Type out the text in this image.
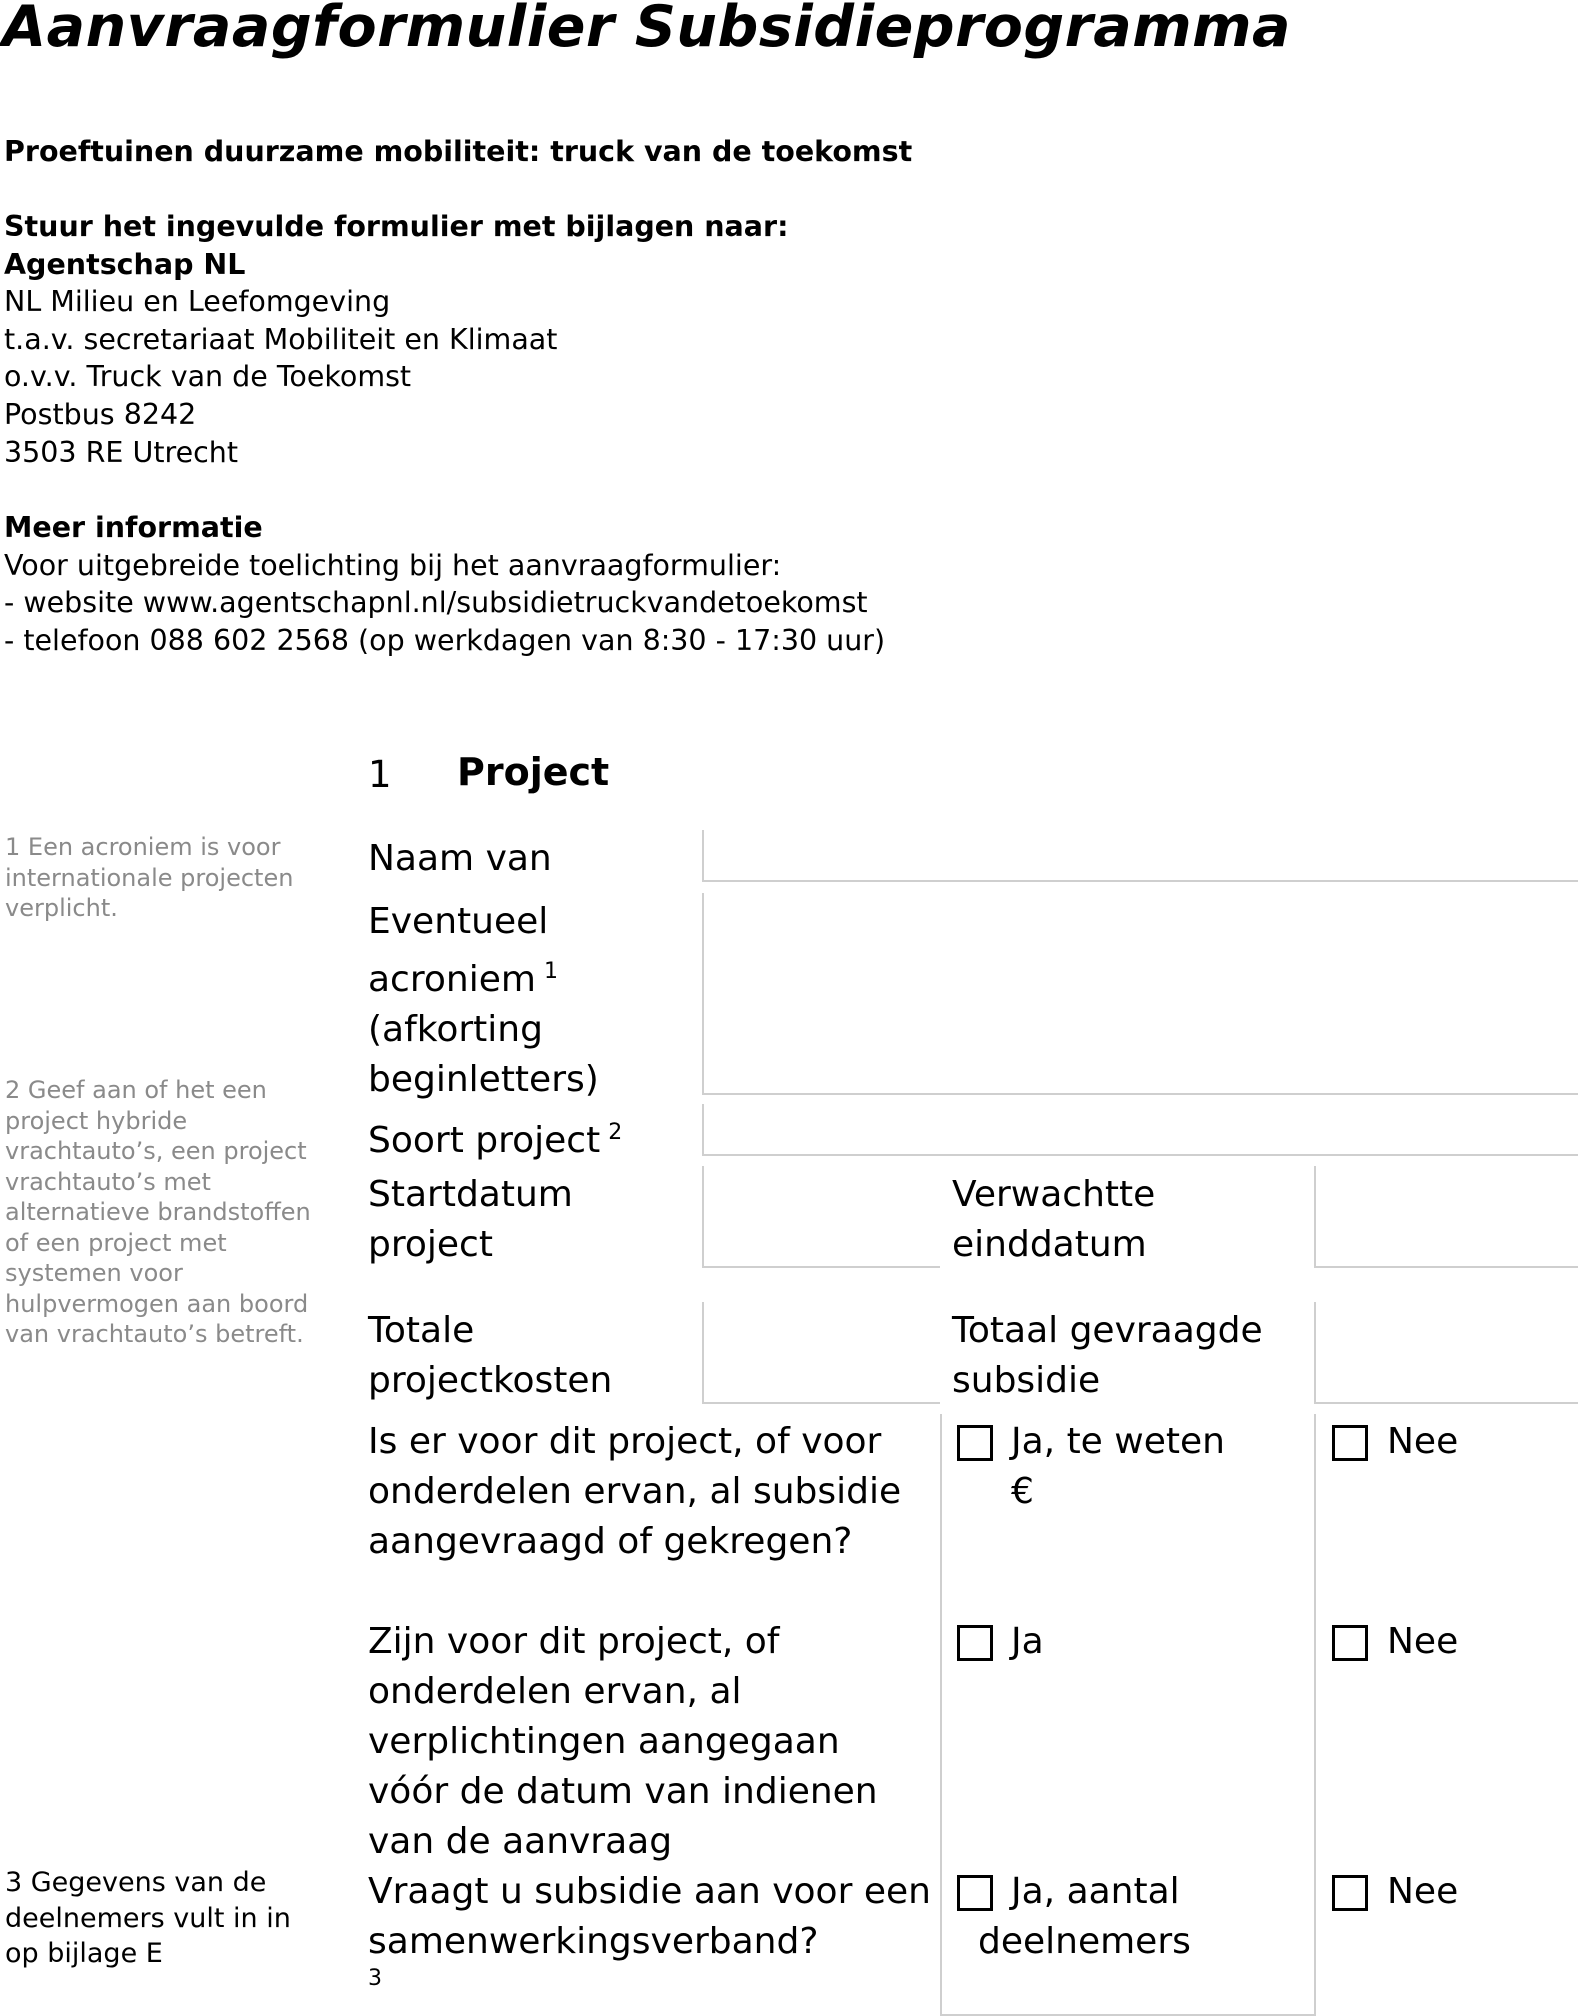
Aanvraagformulier Subsidieprogramma
Proeftuinen duurzame mobiliteit: truck van de toekomst
Stuur het ingevulde formulier met bijlagen naar:
Agentschap NL
NL Milieu en Leefomgeving
t.a.v. secretariaat Mobiliteit en Klimaat
o.v.v. Truck van de Toekomst
Postbus 8242
3503 RE Utrecht
Meer informatie
Voor uitgebreide toelichting bij het aanvraagformulier:
- website www.agentschapnl.nl/subsidietruckvandetoekomst
- telefoon 088 602 2568 (op werkdagen van 8:30 - 17:30 uur)
1 Project
1 Een acroniem is voor internationale projecten verplicht.
2 Geef aan of het een project hybride vrachtauto’s, een project vrachtauto’s met alternatieve brandstoffen of een project met systemen voor hulpvermogen aan boord van vrachtauto’s betreft.
3 Gegevens van de deelnemers vult in in op bijlage E
Naam van
Eventueel acroniem $^1$
(afkorting beginletters)
Soort project $^2$
Startdatum project
Verwachtte einddatum
Totale projectkosten
Totaal gevraagde subsidie
Is er voor dit project, of voor onderdelen ervan, al subsidie aangevraagd of gekregen?
Ja, te weten
€
Nee
Zijn voor dit project, of onderdelen ervan, al verplichtingen aangegaan vóór de datum van indienen van de aanvraag
Ja	Nee
Vraagt u subsidie aan voor een samenwerkingsverband?
3
Ja, aantal
deelnemers
Nee
